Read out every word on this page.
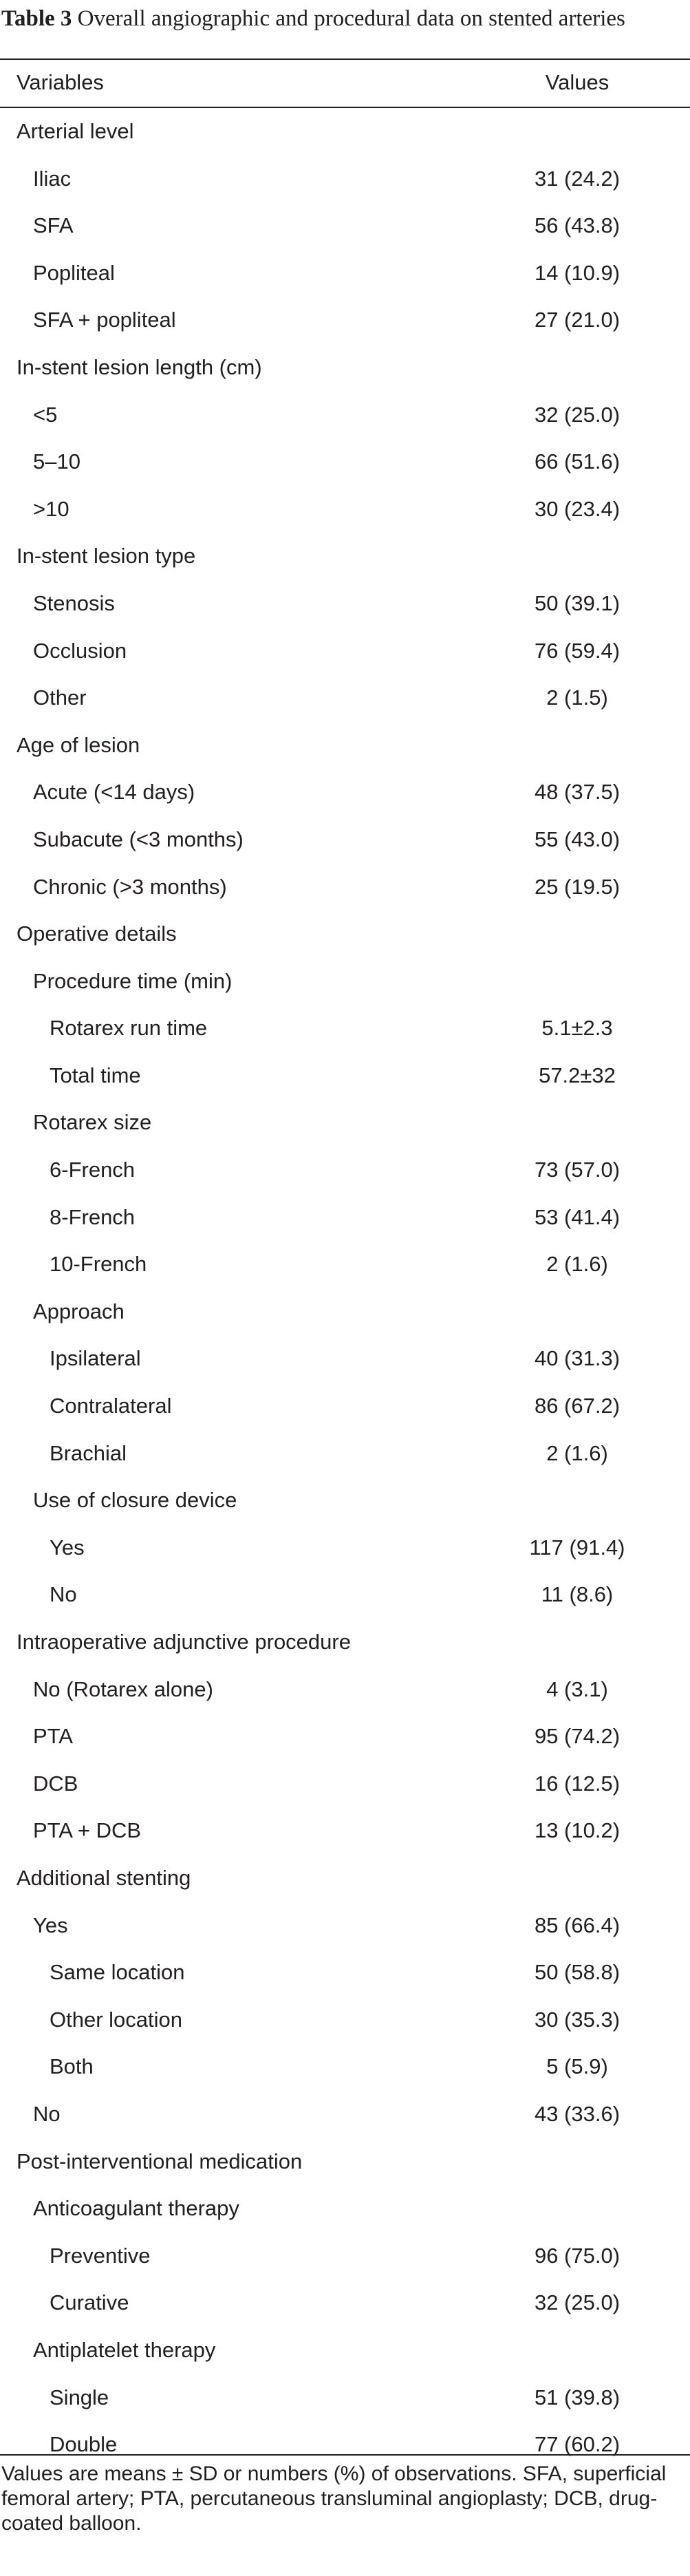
Table 3 Overall angiographic and procedural data on stented arteries

Variables	Values
Arterial level
Iliac	31 (24.2)
SFA	56 (43.8)
Popliteal	14 (10.9)
SFA + popliteal	27 (21.0)
In-stent lesion length (cm)
<5	32 (25.0)
5–10	66 (51.6)
>10	30 (23.4)
In-stent lesion type
Stenosis	50 (39.1)
Occlusion	76 (59.4)
Other	2 (1.5)
Age of lesion
Acute (<14 days)	48 (37.5)
Subacute (<3 months)	55 (43.0)
Chronic (>3 months)	25 (19.5)
Operative details
Procedure time (min)
Rotarex run time	5.1±2.3
Total time	57.2±32
Rotarex size
6-French	73 (57.0)
8-French	53 (41.4)
10-French	2 (1.6)
Approach
Ipsilateral	40 (31.3)
Contralateral	86 (67.2)
Brachial	2 (1.6)
Use of closure device
Yes	117 (91.4)
No	11 (8.6)
Intraoperative adjunctive procedure
No (Rotarex alone)	4 (3.1)
PTA	95 (74.2)
DCB	16 (12.5)
PTA + DCB	13 (10.2)
Additional stenting
Yes	85 (66.4)
Same location	50 (58.8)
Other location	30 (35.3)
Both	5 (5.9)
No	43 (33.6)
Post-interventional medication
Anticoagulant therapy
Preventive	96 (75.0)
Curative	32 (25.0)
Antiplatelet therapy
Single	51 (39.8)
Double	77 (60.2)

Values are means ± SD or numbers (%) of observations. SFA, superficial femoral artery; PTA, percutaneous transluminal angioplasty; DCB, drug-coated balloon.
